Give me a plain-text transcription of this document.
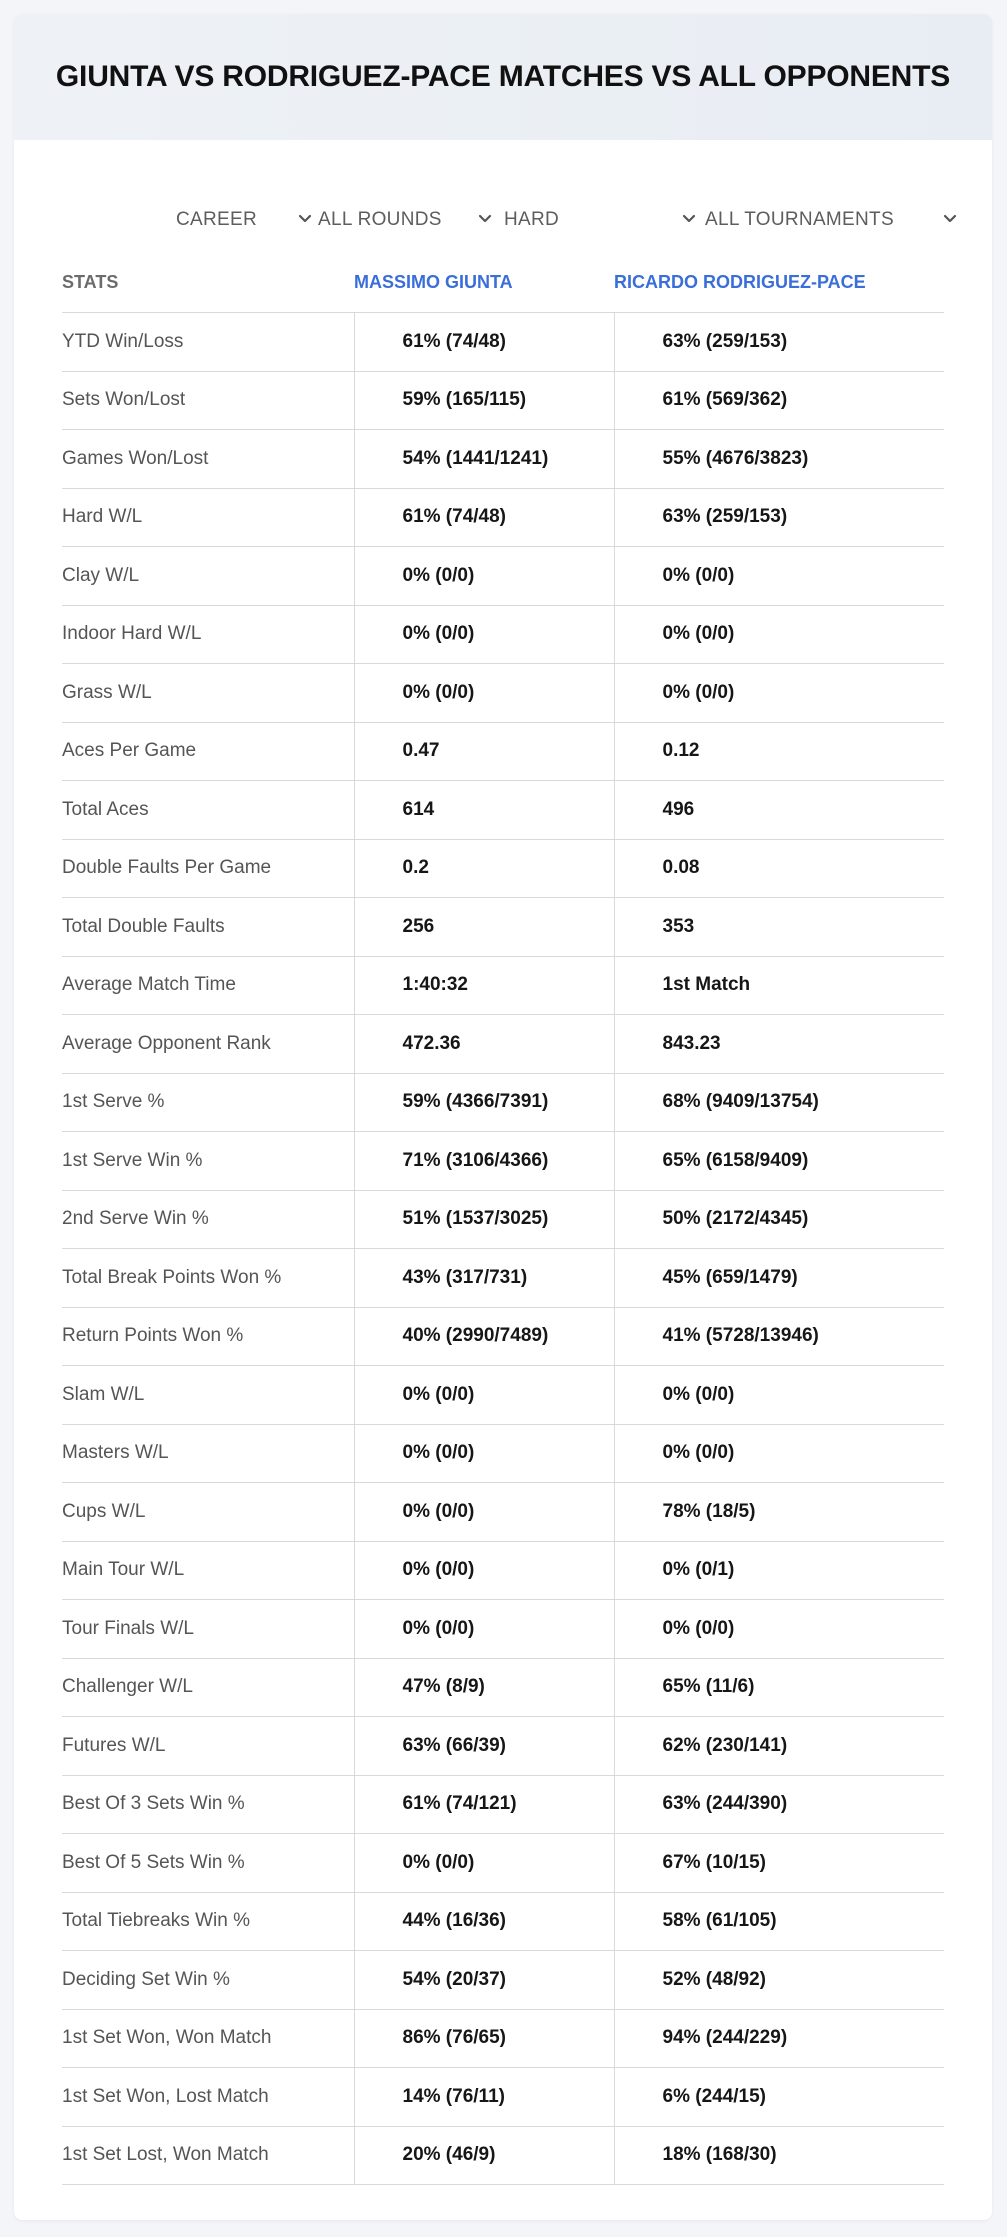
GIUNTA VS RODRIGUEZ-PACE MATCHES VS ALL OPPONENTS
CAREER	ALL ROUNDS	HARD	ALL TOURNAMENTS
STATS	MASSIMO GIUNTA	RICARDO RODRIGUEZ-PACE
YTD Win/Loss	61% (74/48)	63% (259/153)
Sets Won/Lost	59% (165/115)	61% (569/362)
Games Won/Lost	54% (1441/1241)	55% (4676/3823)
Hard W/L	61% (74/48)	63% (259/153)
Clay W/L	0% (0/0)	0% (0/0)
Indoor Hard W/L	0% (0/0)	0% (0/0)
Grass W/L	0% (0/0)	0% (0/0)
Aces Per Game	0.47	0.12
Total Aces	614	496
Double Faults Per Game	0.2	0.08
Total Double Faults	256	353
Average Match Time	1:40:32	1st Match
Average Opponent Rank	472.36	843.23
1st Serve %	59% (4366/7391)	68% (9409/13754)
1st Serve Win %	71% (3106/4366)	65% (6158/9409)
2nd Serve Win %	51% (1537/3025)	50% (2172/4345)
Total Break Points Won %	43% (317/731)	45% (659/1479)
Return Points Won %	40% (2990/7489)	41% (5728/13946)
Slam W/L	0% (0/0)	0% (0/0)
Masters W/L	0% (0/0)	0% (0/0)
Cups W/L	0% (0/0)	78% (18/5)
Main Tour W/L	0% (0/0)	0% (0/1)
Tour Finals W/L	0% (0/0)	0% (0/0)
Challenger W/L	47% (8/9)	65% (11/6)
Futures W/L	63% (66/39)	62% (230/141)
Best Of 3 Sets Win %	61% (74/121)	63% (244/390)
Best Of 5 Sets Win %	0% (0/0)	67% (10/15)
Total Tiebreaks Win %	44% (16/36)	58% (61/105)
Deciding Set Win %	54% (20/37)	52% (48/92)
1st Set Won, Won Match	86% (76/65)	94% (244/229)
1st Set Won, Lost Match	14% (76/11)	6% (244/15)
1st Set Lost, Won Match	20% (46/9)	18% (168/30)
